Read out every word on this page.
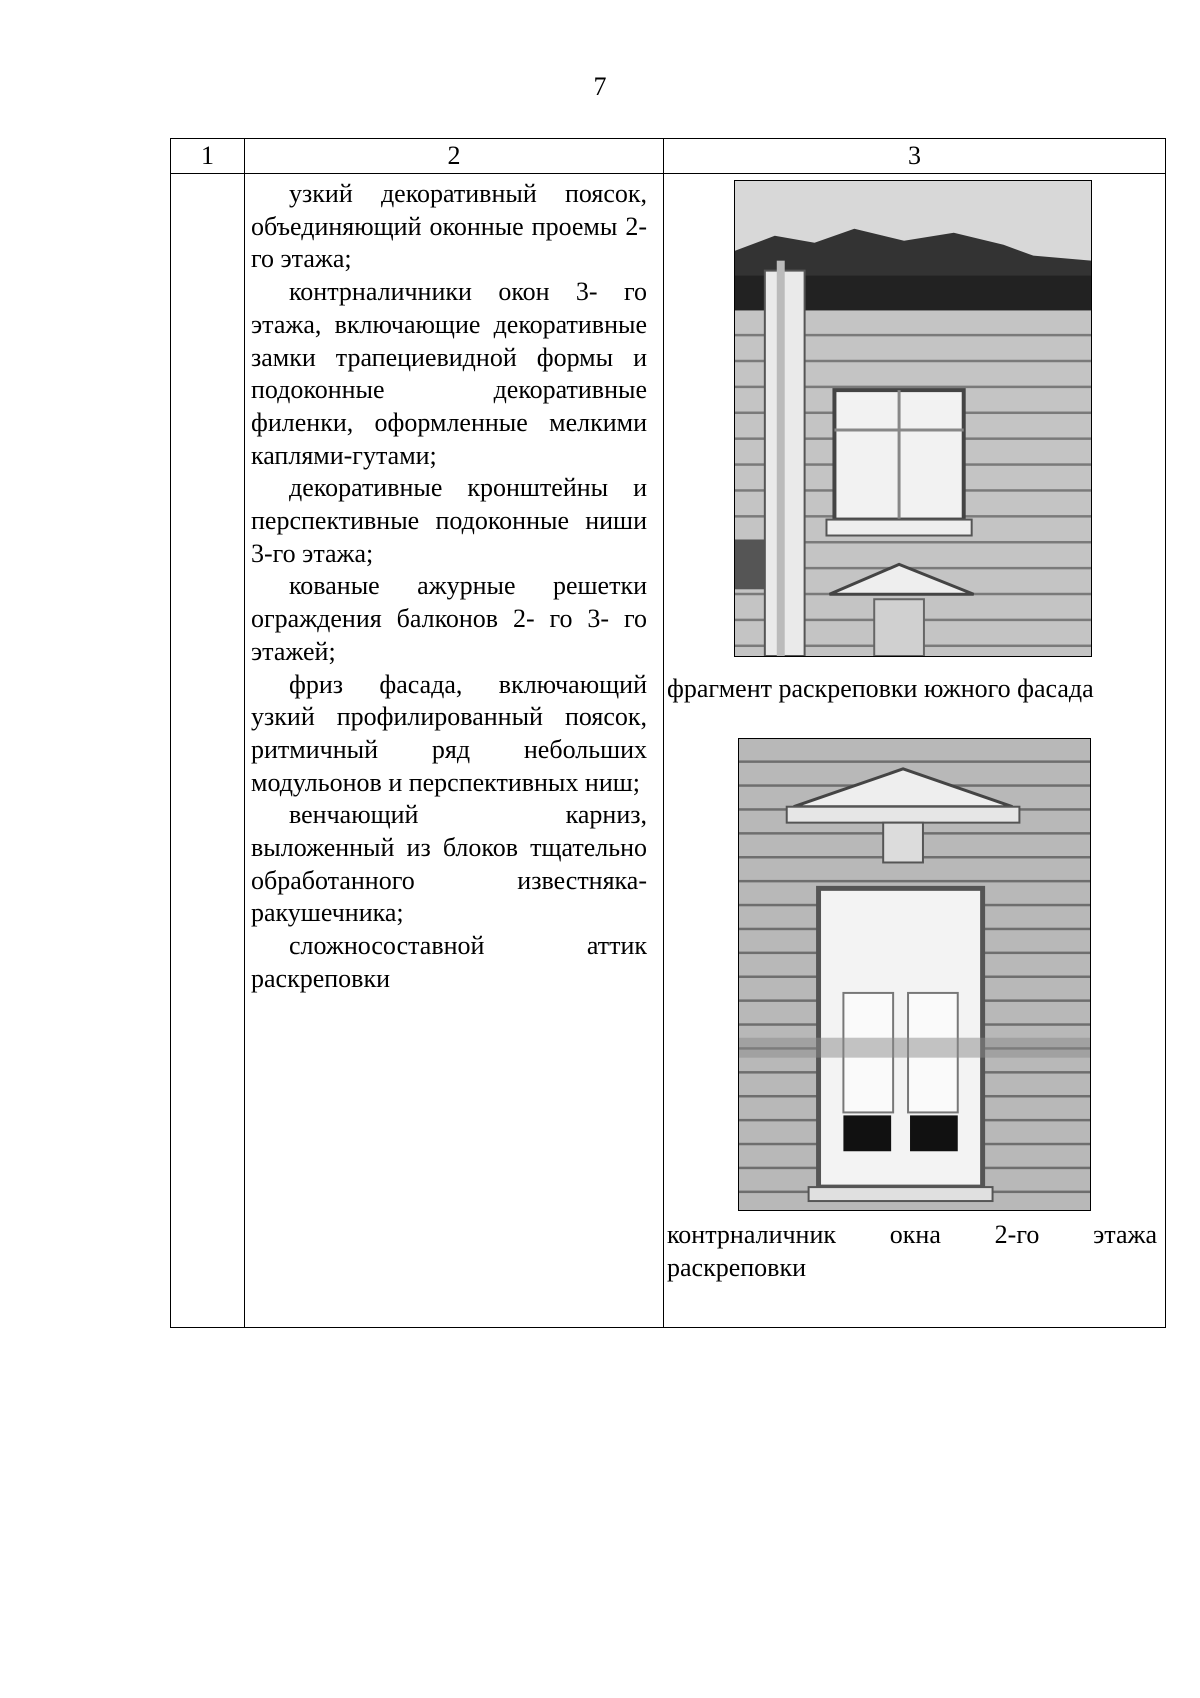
7
1	2	3

узкий декоративный поясок, объединяющий оконные проемы 2-го этажа;

контрналичники окон 3- го этажа, включающие декоративные замки трапециевидной формы и подоконные декоративные филенки, оформленные мелкими каплями-гутами;

декоративные кронштейны и перспективные подоконные ниши 3-го этажа;

кованые ажурные решетки ограждения балконов 2- го 3- го этажей;

фриз фасада, включающий узкий профилированный поясок, ритмичный ряд небольших модульонов и перспективных ниш;

венчающий карниз, выложенный из блоков тщательно обработанного известняка-ракушечника;

сложносоставной аттик раскреповки

фрагмент раскреповки южного фасада
контрналичник окна 2-го этажа
раскреповки
